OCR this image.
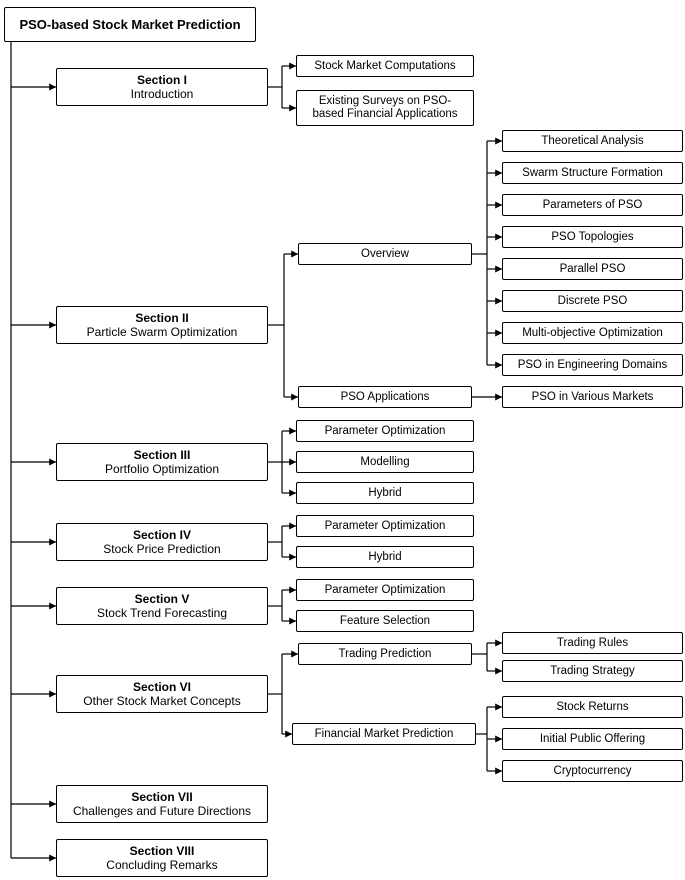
PSO-based Stock Market Prediction
Section I
Introduction
Section II
Particle Swarm Optimization
Section III
Portfolio Optimization
Section IV
Stock Price Prediction
Section V
Stock Trend Forecasting
Section VI
Other Stock Market Concepts
Section VII
Challenges and Future Directions
Section VIII
Concluding Remarks
Stock Market Computations
Existing Surveys on PSO-based Financial Applications
Overview
PSO Applications
Theoretical Analysis
Swarm Structure Formation
Parameters of PSO
PSO Topologies
Parallel PSO
Discrete PSO
Multi-objective Optimization
PSO in Engineering Domains
PSO in Various Markets
Parameter Optimization
Modelling
Hybrid
Parameter Optimization
Hybrid
Parameter Optimization
Feature Selection
Trading Prediction
Financial Market Prediction
Trading Rules
Trading Strategy
Stock Returns
Initial Public Offering
Cryptocurrency
